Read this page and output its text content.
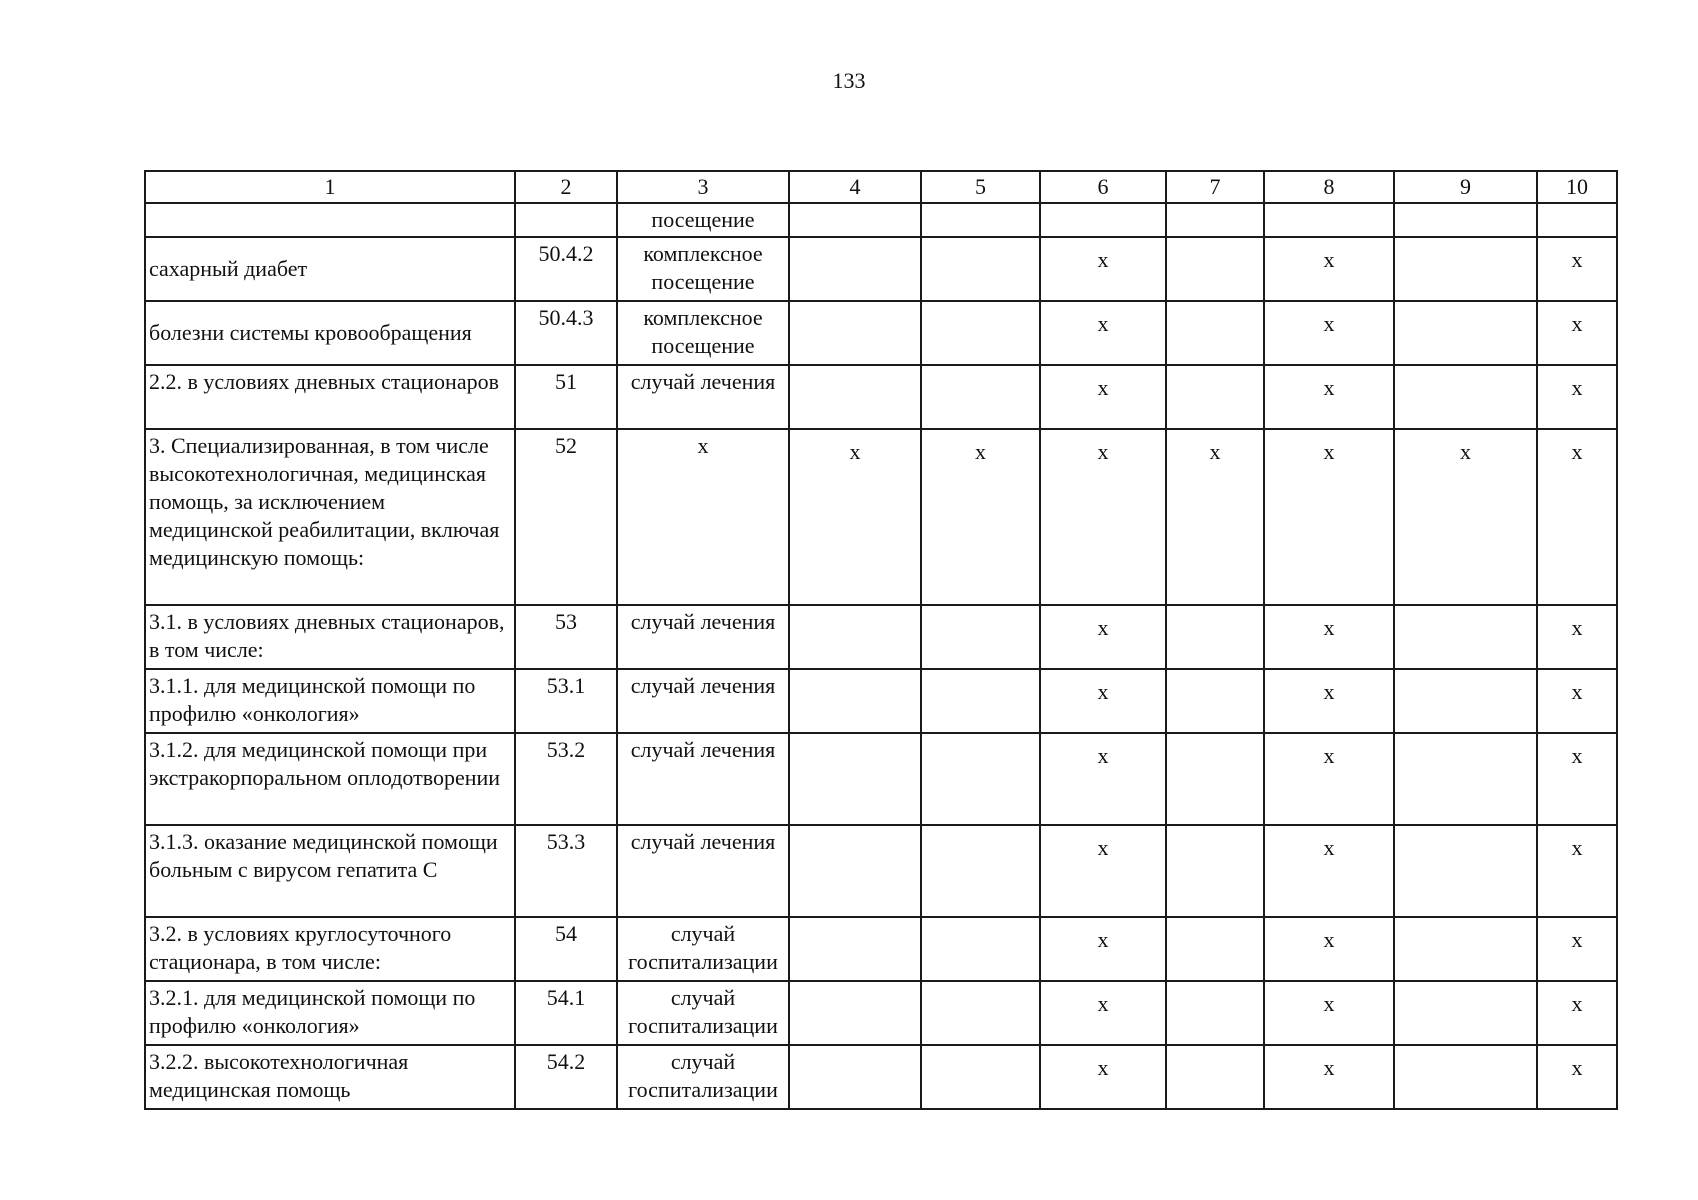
133
1	2	3	4	5	6	7	8	9	10
		посещение							
сахарный диабет	50.4.2	комплексное посещение			х		х		х
болезни системы кровообращения	50.4.3	комплексное посещение			х		х		х
2.2. в условиях дневных стационаров	51	случай лечения			х		х		х
3. Специализированная, в том числе высокотехнологичная, медицинская помощь, за исключением медицинской реабилитации, включая медицинскую помощь:	52	х	х	х	х	х	х	х	х
3.1. в условиях дневных стационаров, в том числе:	53	случай лечения			х		х		х
3.1.1. для медицинской помощи по профилю «онкология»	53.1	случай лечения			х		х		х
3.1.2. для медицинской помощи при экстракорпоральном оплодотворении	53.2	случай лечения			х		х		х
3.1.3. оказание медицинской помощи больным с вирусом гепатита С	53.3	случай лечения			х		х		х
3.2. в условиях круглосуточного стационара, в том числе:	54	случай госпитализации			х		х		х
3.2.1. для медицинской помощи по профилю «онкология»	54.1	случай госпитализации			х		х		х
3.2.2. высокотехнологичная медицинская помощь	54.2	случай госпитализации			х		х		х
